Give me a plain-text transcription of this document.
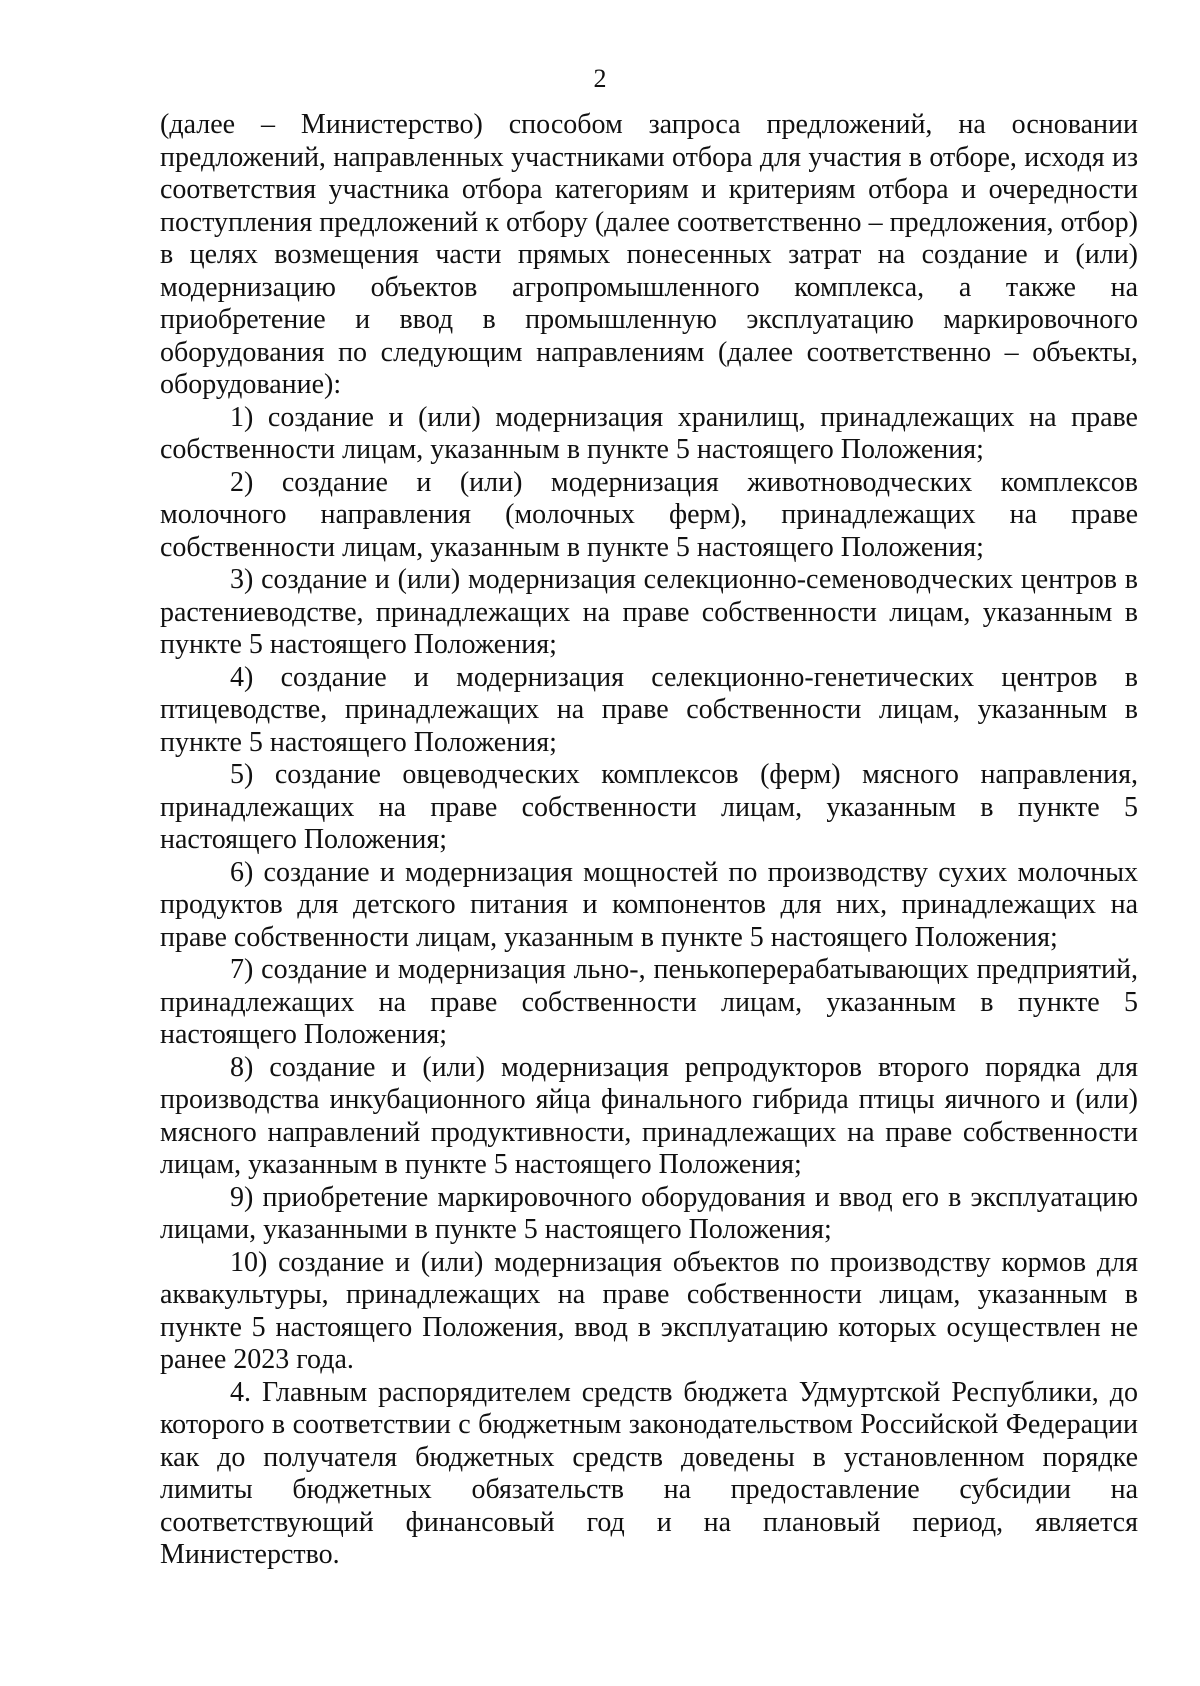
2

(далее – Министерство) способом запроса предложений, на основании предложений, направленных участниками отбора для участия в отборе, исходя из соответствия участника отбора категориям и критериям отбора и очередности поступления предложений к отбору (далее соответственно – предложения, отбор) в целях возмещения части прямых понесенных затрат на создание и (или) модернизацию объектов агропромышленного комплекса, а также на приобретение и ввод в промышленную эксплуатацию маркировочного оборудования по следующим направлениям (далее соответственно – объекты, оборудование):

1) создание и (или) модернизация хранилищ, принадлежащих на праве собственности лицам, указанным в пункте 5 настоящего Положения;

2) создание и (или) модернизация животноводческих комплексов молочного направления (молочных ферм), принадлежащих на праве собственности лицам, указанным в пункте 5 настоящего Положения;

3) создание и (или) модернизация селекционно-семеноводческих центров в растениеводстве, принадлежащих на праве собственности лицам, указанным в пункте 5 настоящего Положения;

4) создание и модернизация селекционно-генетических центров в птицеводстве, принадлежащих на праве собственности лицам, указанным в пункте 5 настоящего Положения;

5) создание овцеводческих комплексов (ферм) мясного направления, принадлежащих на праве собственности лицам, указанным в пункте 5 настоящего Положения;

6) создание и модернизация мощностей по производству сухих молочных продуктов для детского питания и компонентов для них, принадлежащих на праве собственности лицам, указанным в пункте 5 настоящего Положения;

7) создание и модернизация льно-, пенькоперерабатывающих предприятий, принадлежащих на праве собственности лицам, указанным в пункте 5 настоящего Положения;

8) создание и (или) модернизация репродукторов второго порядка для производства инкубационного яйца финального гибрида птицы яичного и (или) мясного направлений продуктивности, принадлежащих на праве собственности лицам, указанным в пункте 5 настоящего Положения;

9) приобретение маркировочного оборудования и ввод его в эксплуатацию лицами, указанными в пункте 5 настоящего Положения;

10) создание и (или) модернизация объектов по производству кормов для аквакультуры, принадлежащих на праве собственности лицам, указанным в пункте 5 настоящего Положения, ввод в эксплуатацию которых осуществлен не ранее 2023 года.

4. Главным распорядителем средств бюджета Удмуртской Республики, до которого в соответствии с бюджетным законодательством Российской Федерации как до получателя бюджетных средств доведены в установленном порядке лимиты бюджетных обязательств на предоставление субсидии на соответствующий финансовый год и на плановый период, является Министерство.
